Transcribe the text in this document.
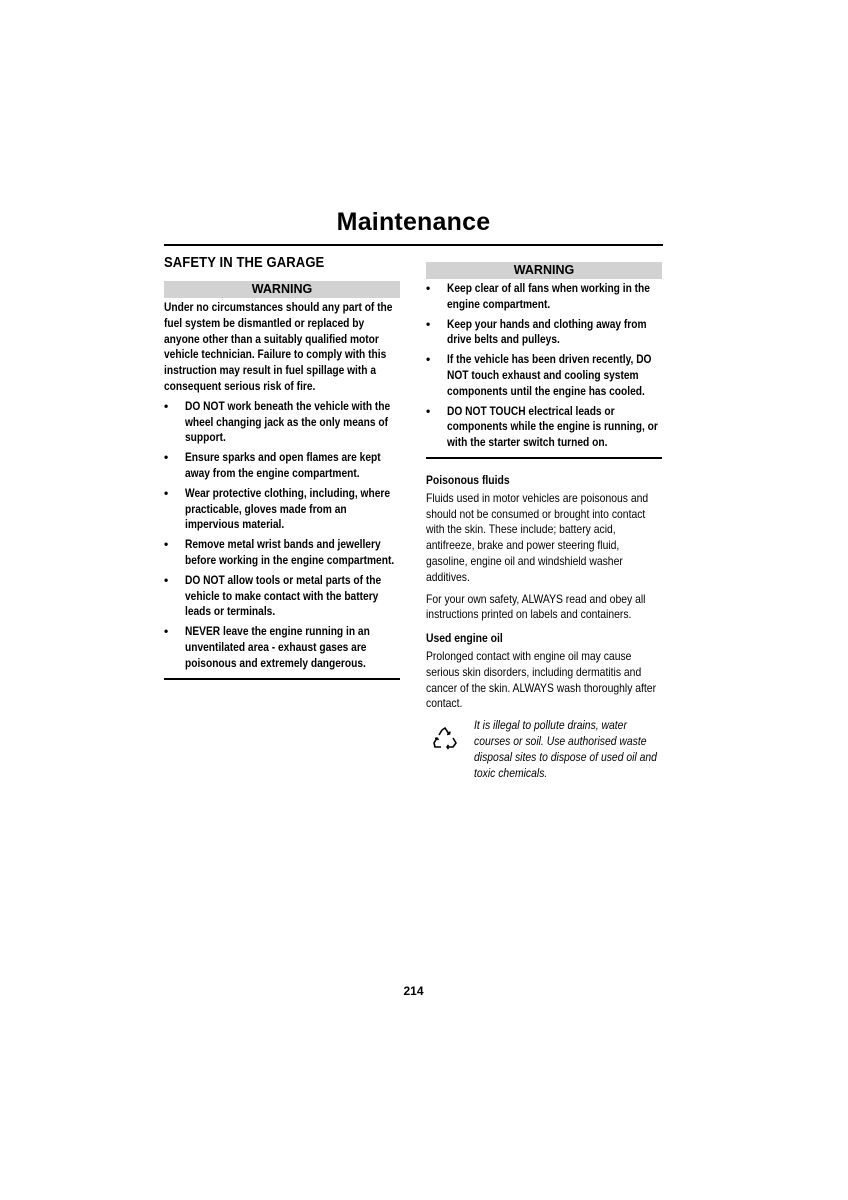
Maintenance
SAFETY IN THE GARAGE
WARNING
Under no circumstances should any part of the fuel system be dismantled or replaced by anyone other than a suitably qualified motor vehicle technician. Failure to comply with this instruction may result in fuel spillage with a consequent serious risk of fire.
• DO NOT work beneath the vehicle with the wheel changing jack as the only means of support.
• Ensure sparks and open flames are kept away from the engine compartment.
• Wear protective clothing, including, where practicable, gloves made from an impervious material.
• Remove metal wrist bands and jewellery before working in the engine compartment.
• DO NOT allow tools or metal parts of the vehicle to make contact with the battery leads or terminals.
• NEVER leave the engine running in an unventilated area - exhaust gases are poisonous and extremely dangerous.
WARNING
• Keep clear of all fans when working in the engine compartment.
• Keep your hands and clothing away from drive belts and pulleys.
• If the vehicle has been driven recently, DO NOT touch exhaust and cooling system components until the engine has cooled.
• DO NOT TOUCH electrical leads or components while the engine is running, or with the starter switch turned on.
Poisonous fluids
Fluids used in motor vehicles are poisonous and should not be consumed or brought into contact with the skin. These include; battery acid, antifreeze, brake and power steering fluid, gasoline, engine oil and windshield washer additives.
For your own safety, ALWAYS read and obey all instructions printed on labels and containers.
Used engine oil
Prolonged contact with engine oil may cause serious skin disorders, including dermatitis and cancer of the skin. ALWAYS wash thoroughly after contact.
It is illegal to pollute drains, water courses or soil. Use authorised waste disposal sites to dispose of used oil and toxic chemicals.
214
